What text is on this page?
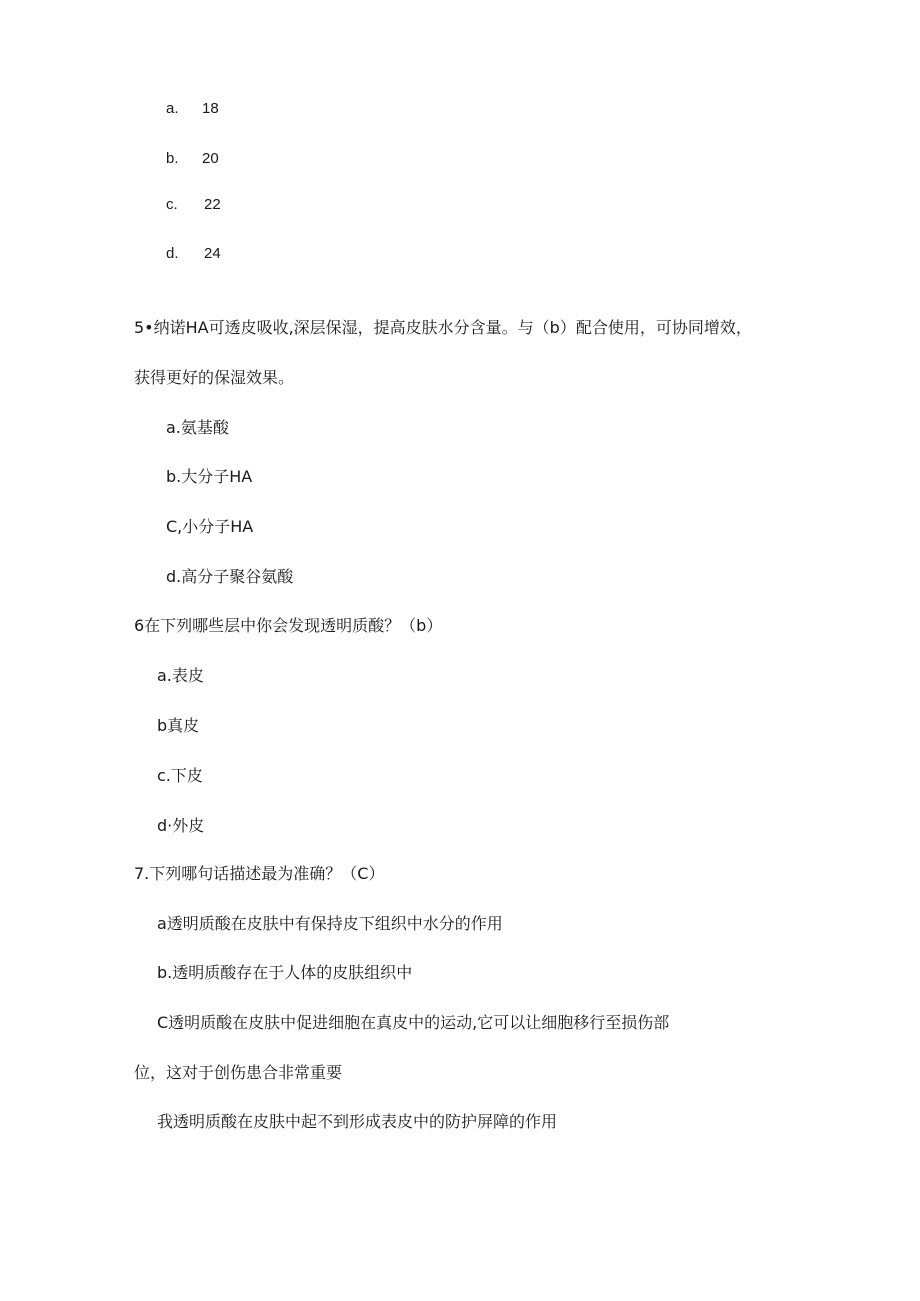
a. 18
b. 20
c. 22
d. 24
5•纳诺HA可透皮吸收,深层保湿，提高皮肤水分含量。与（b）配合使用，可协同增效，
获得更好的保湿效果。
a.氨基酸
b.大分子HA
C,小分子HA
d.高分子聚谷氨酸
6在下列哪些层中你会发现透明质酸？（b）
a.表皮
b真皮
c.下皮
d·外皮
7.下列哪句话描述最为准确？（C）
a透明质酸在皮肤中有保持皮下组织中水分的作用
b.透明质酸存在于人体的皮肤组织中
C透明质酸在皮肤中促进细胞在真皮中的运动,它可以让细胞移行至损伤部
位，这对于创伤患合非常重要
我透明质酸在皮肤中起不到形成表皮中的防护屏障的作用
